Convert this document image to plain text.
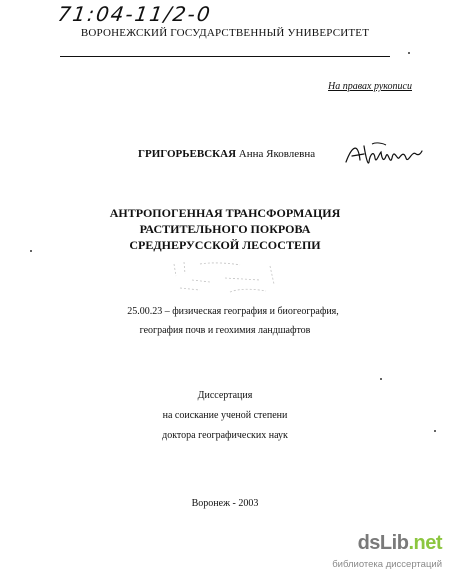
71:04-11/2-0
ВОРОНЕЖСКИЙ ГОСУДАРСТВЕННЫЙ УНИВЕРСИТЕТ
На правах рукописи
ГРИГОРЬЕВСКАЯ Анна Яковлевна
АНТРОПОГЕННАЯ ТРАНСФОРМАЦИЯ
РАСТИТЕЛЬНОГО ПОКРОВА
СРЕДНЕРУССКОЙ ЛЕСОСТЕПИ
25.00.23 – физическая география и биогеография,
география почв и геохимия ландшафтов
Диссертация
на соискание ученой степени
доктора географических наук
Воронеж - 2003
dsLib.net
библиотека диссертаций
